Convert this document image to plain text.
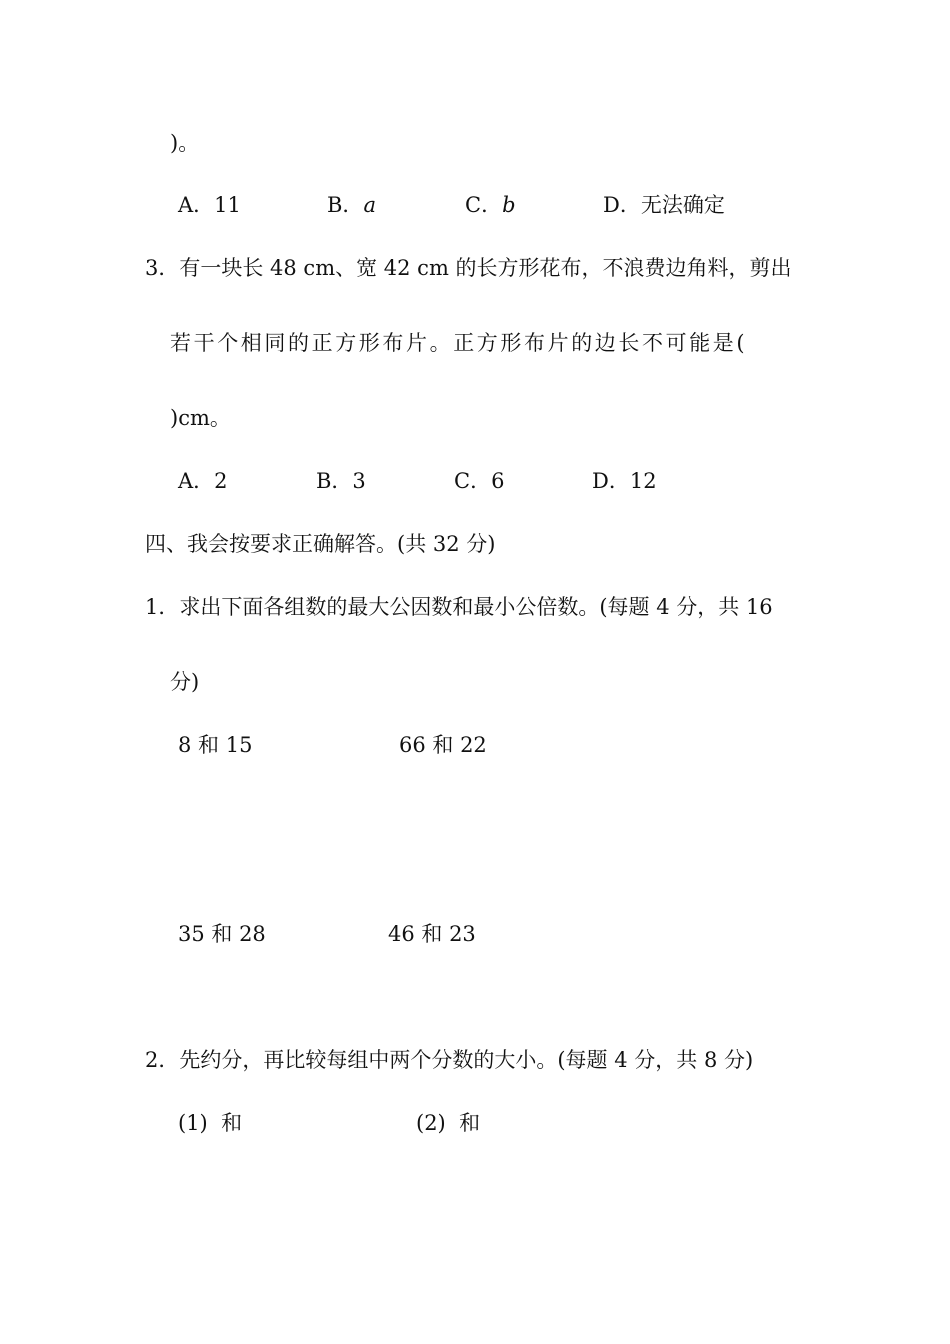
)。
A．11	B．a	C．b	D．无法确定
3．有一块长 48 cm、宽 42 cm 的长方形花布，不浪费边角料，剪出
若干个相同的正方形布片。正方形布片的边长不可能是(
)cm。
A．2	B．3	C．6	D．12
四、我会按要求正确解答。(共 32 分)
1．求出下面各组数的最大公因数和最小公倍数。(每题 4 分，共 16
分)
8 和 15	66 和 22
35 和 28	46 和 23
2．先约分，再比较每组中两个分数的大小。(每题 4 分，共 8 分)
(1)  和	(2)  和
